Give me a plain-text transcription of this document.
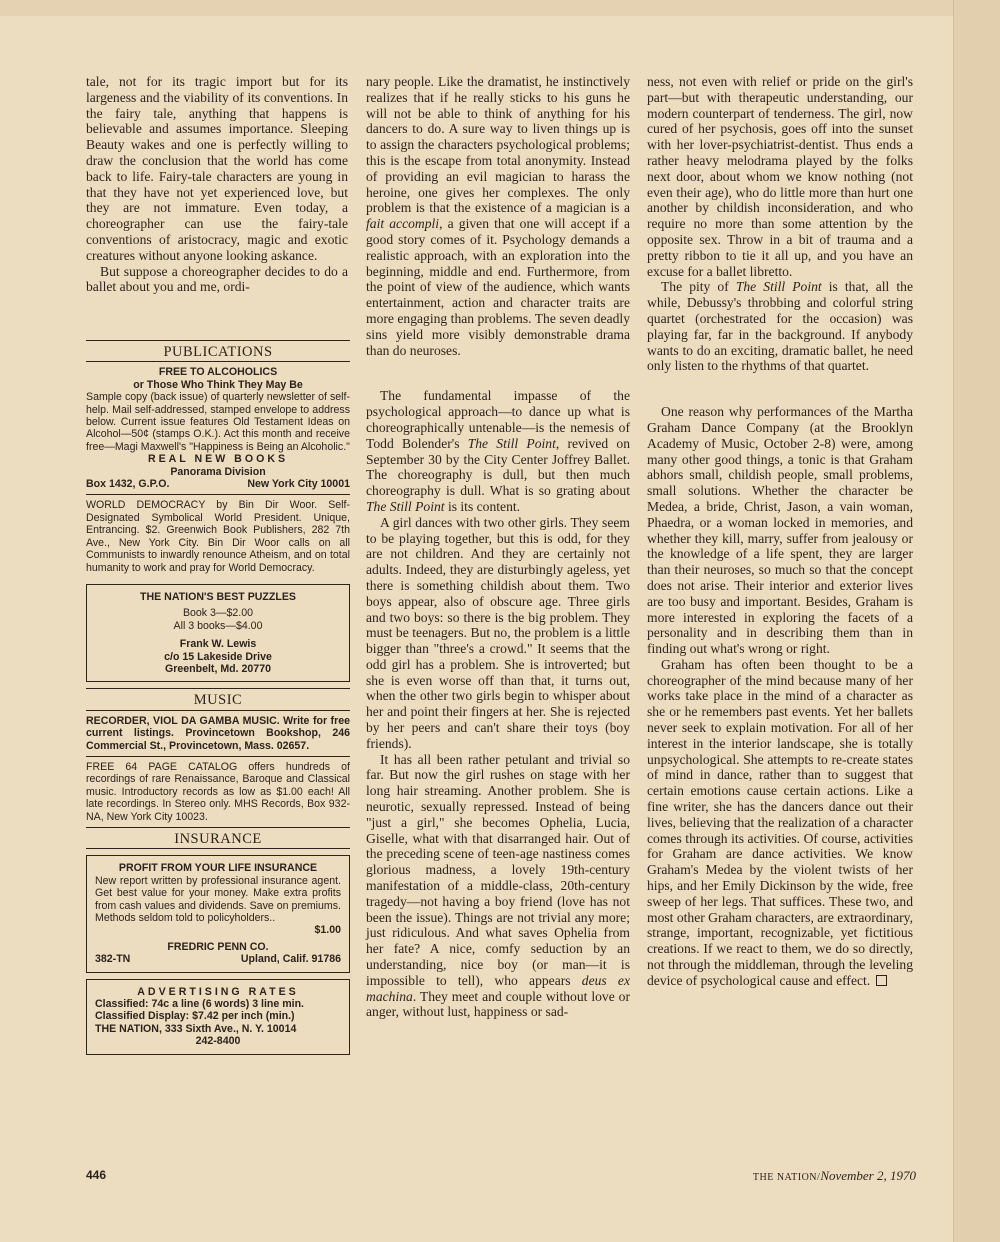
tale, not for its tragic import but for its largeness and the viability of its conventions. In the fairy tale, anything that happens is believable and assumes importance. Sleeping Beauty wakes and one is perfectly willing to draw the conclusion that the world has come back to life. Fairy-tale characters are young in that they have not yet experienced love, but they are not immature. Even today, a choreographer can use the fairy-tale conventions of aristocracy, magic and exotic creatures without anyone looking askance.

But suppose a choreographer decides to do a ballet about you and me, ordi-

PUBLICATIONS
FREE TO ALCOHOLICS
or Those Who Think They May Be
Sample copy (back issue) of quarterly newsletter of self-help. Mail self-addressed, stamped envelope to address below. Current issue features Old Testament Ideas on Alcohol—50¢ (stamps O.K.). Act this month and receive free—Magi Maxwell's "Happiness is Being an Alcoholic."
REAL NEW BOOKS
Panorama Division
Box 1432, G.P.O.	New York City 10001
WORLD DEMOCRACY by Bin Dir Woor. Self-Designated Symbolical World President. Unique, Entrancing. $2. Greenwich Book Publishers, 282 7th Ave., New York City. Bin Dir Woor calls on all Communists to inwardly renounce Atheism, and on total humanity to work and pray for World Democracy.
THE NATION'S BEST PUZZLES
Book 3—$2.00
All 3 books—$4.00
Frank W. Lewis
c/o 15 Lakeside Drive
Greenbelt, Md. 20770
MUSIC
RECORDER, VIOL DA GAMBA MUSIC. Write for free current listings. Provincetown Bookshop, 246 Commercial St., Provincetown, Mass. 02657.
FREE 64 PAGE CATALOG offers hundreds of recordings of rare Renaissance, Baroque and Classical music. Introductory records as low as $1.00 each! All late recordings. In Stereo only. MHS Records, Box 932-NA, New York City 10023.
INSURANCE
PROFIT FROM YOUR LIFE INSURANCE
New report written by professional insurance agent. Get best value for your money. Make extra profits from cash values and dividends. Save on premiums. Methods seldom told to policyholders..
$1.00
FREDRIC PENN CO.
382-TN	Upland, Calif. 91786
ADVERTISING RATES
Classified: 74c a line (6 words) 3 line min.
Classified Display: $7.42 per inch (min.)
THE NATION, 333 Sixth Ave., N. Y. 10014
242-8400

nary people. Like the dramatist, he instinctively realizes that if he really sticks to his guns he will not be able to think of anything for his dancers to do. A sure way to liven things up is to assign the characters psychological problems; this is the escape from total anonymity. Instead of providing an evil magician to harass the heroine, one gives her complexes. The only problem is that the existence of a magician is a fait accompli, a given that one will accept if a good story comes of it. Psychology demands a realistic approach, with an exploration into the beginning, middle and end. Furthermore, from the point of view of the audience, which wants entertainment, action and character traits are more engaging than problems. The seven deadly sins yield more visibly demonstrable drama than do neuroses.

The fundamental impasse of the psychological approach—to dance up what is choreographically untenable—is the nemesis of Todd Bolender's The Still Point, revived on September 30 by the City Center Joffrey Ballet. The choreography is dull, but then much choreography is dull. What is so grating about The Still Point is its content.

A girl dances with two other girls. They seem to be playing together, but this is odd, for they are not children. And they are certainly not adults. Indeed, they are disturbingly ageless, yet there is something childish about them. Two boys appear, also of obscure age. Three girls and two boys: so there is the big problem. They must be teenagers. But no, the problem is a little bigger than "three's a crowd." It seems that the odd girl has a problem. She is introverted; but she is even worse off than that, it turns out, when the other two girls begin to whisper about her and point their fingers at her. She is rejected by her peers and can't share their toys (boy friends).

It has all been rather petulant and trivial so far. But now the girl rushes on stage with her long hair streaming. Another problem. She is neurotic, sexually repressed. Instead of being "just a girl," she becomes Ophelia, Lucia, Giselle, what with that disarranged hair. Out of the preceding scene of teen-age nastiness comes glorious madness, a lovely 19th-century manifestation of a middle-class, 20th-century tragedy—not having a boy friend (love has not been the issue). Things are not trivial any more; just ridiculous. And what saves Ophelia from her fate? A nice, comfy seduction by an understanding, nice boy (or man—it is impossible to tell), who appears deus ex machina. They meet and couple without love or anger, without lust, happiness or sad-

ness, not even with relief or pride on the girl's part—but with therapeutic understanding, our modern counterpart of tenderness. The girl, now cured of her psychosis, goes off into the sunset with her lover-psychiatrist-dentist. Thus ends a rather heavy melodrama played by the folks next door, about whom we know nothing (not even their age), who do little more than hurt one another by childish inconsideration, and who require no more than some attention by the opposite sex. Throw in a bit of trauma and a pretty ribbon to tie it all up, and you have an excuse for a ballet libretto.

The pity of The Still Point is that, all the while, Debussy's throbbing and colorful string quartet (orchestrated for the occasion) was playing far, far in the background. If anybody wants to do an exciting, dramatic ballet, he need only listen to the rhythms of that quartet.

One reason why performances of the Martha Graham Dance Company (at the Brooklyn Academy of Music, October 2-8) were, among many other good things, a tonic is that Graham abhors small, childish people, small problems, small solutions. Whether the character be Medea, a bride, Christ, Jason, a vain woman, Phaedra, or a woman locked in memories, and whether they kill, marry, suffer from jealousy or the knowledge of a life spent, they are larger than their neuroses, so much so that the concept does not arise. Their interior and exterior lives are too busy and important. Besides, Graham is more interested in exploring the facets of a personality and in describing them than in finding out what's wrong or right.

Graham has often been thought to be a choreographer of the mind because many of her works take place in the mind of a character as she or he remembers past events. Yet her ballets never seek to explain motivation. For all of her interest in the interior landscape, she is totally unpsychological. She attempts to re-create states of mind in dance, rather than to suggest that certain emotions cause certain actions. Like a fine writer, she has the dancers dance out their lives, believing that the realization of a character comes through its activities. Of course, activities for Graham are dance activities. We know Graham's Medea by the violent twists of her hips, and her Emily Dickinson by the wide, free sweep of her legs. That suffices. These two, and most other Graham characters, are extraordinary, strange, important, recognizable, yet fictitious creations. If we react to them, we do so directly, not through the middleman, through the leveling device of psychological cause and effect.

446	THE NATION/November 2, 1970
